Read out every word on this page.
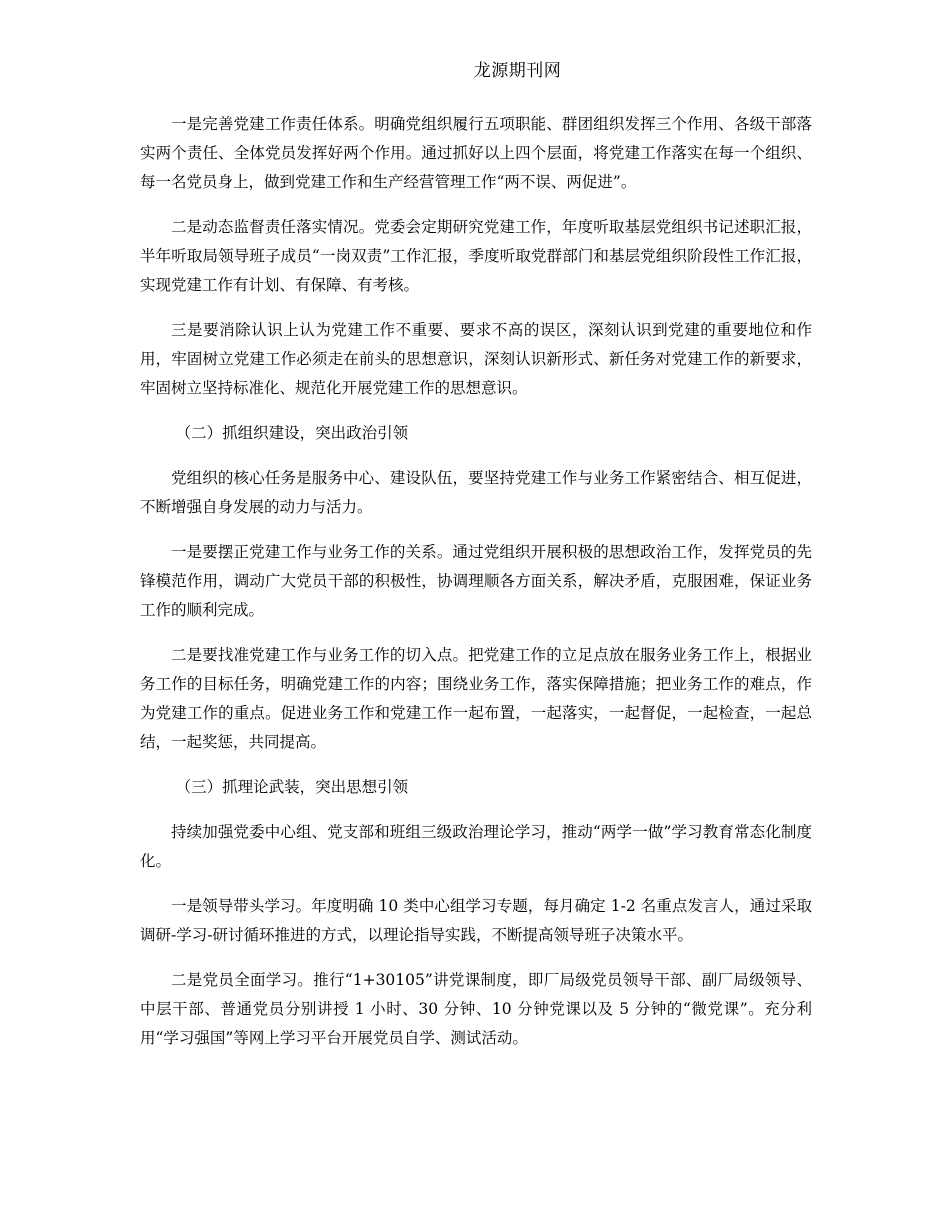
龙源期刊网

一是完善党建工作责任体系。明确党组织履行五项职能、群团组织发挥三个作用、各级干部落实两个责任、全体党员发挥好两个作用。通过抓好以上四个层面，将党建工作落实在每一个组织、每一名党员身上，做到党建工作和生产经营管理工作“两不误、两促进”。

二是动态监督责任落实情况。党委会定期研究党建工作，年度听取基层党组织书记述职汇报，半年听取局领导班子成员“一岗双责”工作汇报，季度听取党群部门和基层党组织阶段性工作汇报，实现党建工作有计划、有保障、有考核。

三是要消除认识上认为党建工作不重要、要求不高的误区，深刻认识到党建的重要地位和作用，牢固树立党建工作必须走在前头的思想意识，深刻认识新形式、新任务对党建工作的新要求，牢固树立坚持标准化、规范化开展党建工作的思想意识。

（二）抓组织建设，突出政治引领

党组织的核心任务是服务中心、建设队伍，要坚持党建工作与业务工作紧密结合、相互促进，不断增强自身发展的动力与活力。

一是要摆正党建工作与业务工作的关系。通过党组织开展积极的思想政治工作，发挥党员的先锋模范作用，调动广大党员干部的积极性，协调理顺各方面关系，解决矛盾，克服困难，保证业务工作的顺利完成。

二是要找准党建工作与业务工作的切入点。把党建工作的立足点放在服务业务工作上，根据业务工作的目标任务，明确党建工作的内容；围绕业务工作，落实保障措施；把业务工作的难点，作为党建工作的重点。促进业务工作和党建工作一起布置，一起落实，一起督促，一起检查，一起总结，一起奖惩，共同提高。

（三）抓理论武装，突出思想引领

持续加强党委中心组、党支部和班组三级政治理论学习，推动“两学一做”学习教育常态化制度化。

一是领导带头学习。年度明确 10 类中心组学习专题，每月确定 1-2 名重点发言人，通过采取调研-学习-研讨循环推进的方式，以理论指导实践，不断提高领导班子决策水平。

二是党员全面学习。推行“1+30105”讲党课制度，即厂局级党员领导干部、副厂局级领导、中层干部、普通党员分别讲授 1 小时、30 分钟、10 分钟党课以及 5 分钟的“微党课”。充分利用“学习强国”等网上学习平台开展党员自学、测试活动。
